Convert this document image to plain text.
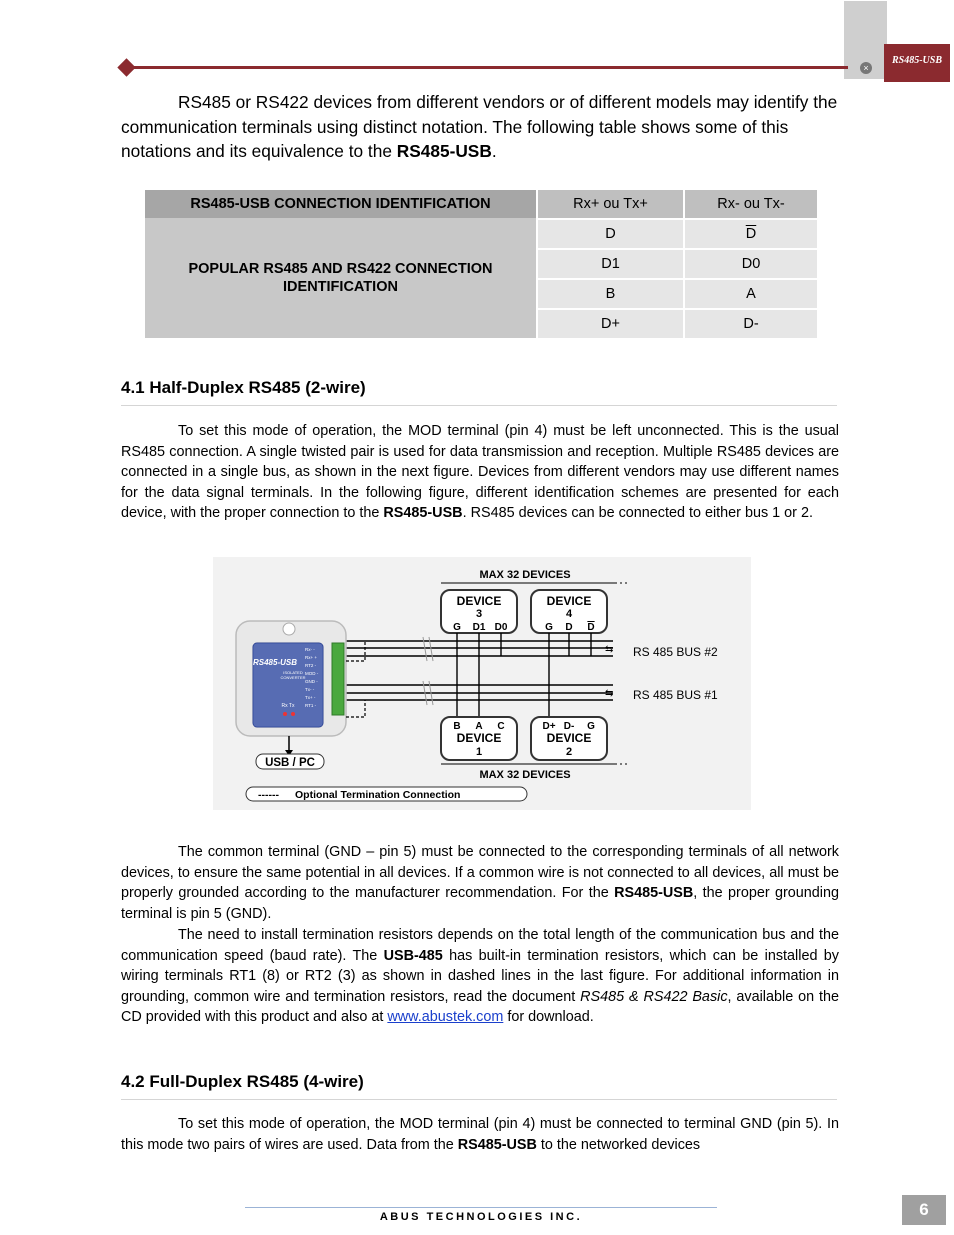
×
RS485-USB
RS485 or RS422 devices from different vendors or of different models may identify the communication terminals using distinct notation. The following table shows some of this notations and its equivalence to the RS485-USB.
RS485-USB CONNECTION IDENTIFICATION	Rx+ ou Tx+	Rx- ou Tx-

POPULAR RS485 AND RS422 CONNECTION IDENTIFICATION	D	$\overline{D}$
	D1	D0
	B	A
	D+	D-
4.1 Half-Duplex RS485 (2-wire)
To set this mode of operation, the MOD terminal (pin 4) must be left unconnected. This is the usual RS485 connection. A single twisted pair is used for data transmission and reception. Multiple RS485 devices are connected in a single bus, as shown in the next figure. Devices from different vendors may use different names for the data signal terminals. In the following figure, different identification schemes are presented for each device, with the proper connection to the RS485-USB. RS485 devices can be connected to either bus 1 or 2.
MAX 32 DEVICES
DEVICE
3
G D1 D0
DEVICE
4
G D D
⇆
⇆
RS 485 BUS #2
RS 485 BUS #1
B A C
DEVICE
1
D+ D- G
DEVICE
2
MAX 32 DEVICES
RS485-USB
ISOLATED
CONVERTER
Rx Tx
Rx- -
Rx+ +
RT2 -
MOD -
GND -
Tx- -
Tx+ -
RT1 -
USB / PC
------ Optional Termination Connection
The common terminal (GND – pin 5) must be connected to the corresponding terminals of all network devices, to ensure the same potential in all devices. If a common wire is not connected to all devices, all must be properly grounded according to the manufacturer recommendation. For the RS485-USB, the proper grounding terminal is pin 5 (GND).
The need to install termination resistors depends on the total length of the communication bus and the communication speed (baud rate). The USB-485 has built-in termination resistors, which can be installed by wiring terminals RT1 (8) or RT2 (3) as shown in dashed lines in the last figure. For additional information in grounding, common wire and termination resistors, read the document RS485 & RS422 Basic, available on the CD provided with this product and also at www.abustek.com for download.
4.2 Full-Duplex RS485 (4-wire)
To set this mode of operation, the MOD terminal (pin 4) must be connected to terminal GND (pin 5). In this mode two pairs of wires are used. Data from the RS485-USB to the networked devices
ABUS TECHNOLOGIES INC.	6
